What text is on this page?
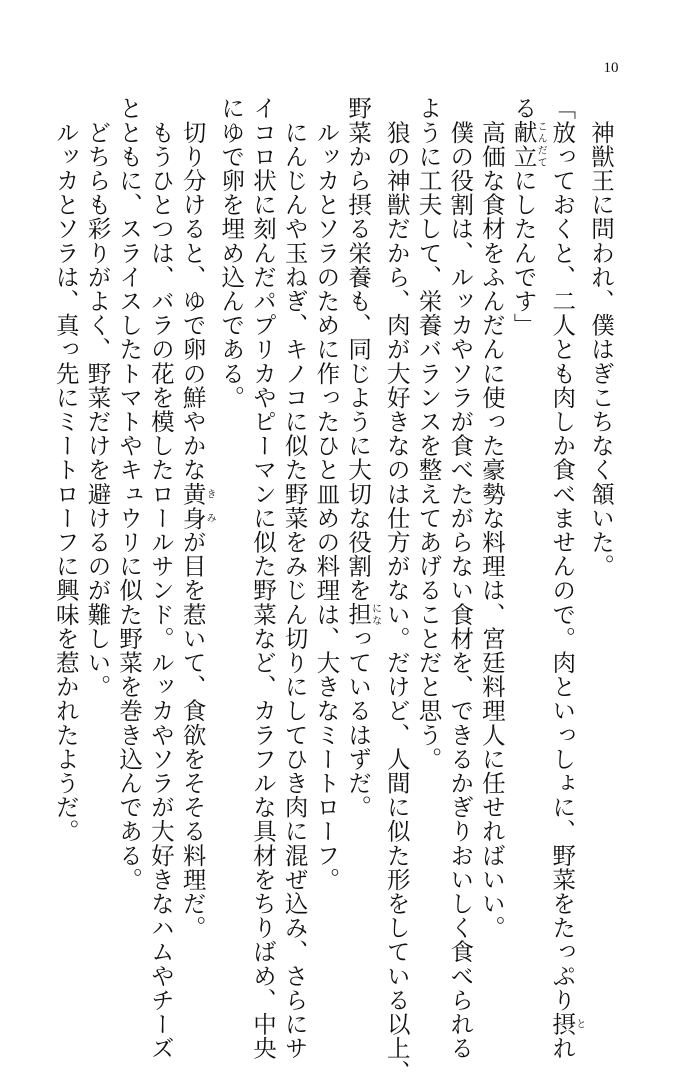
10
　神獣王に問われ、僕はぎこちなく頷いた。
「放っておくと、二人とも肉しか食べませんので。肉といっしょに、野菜をたっぷり摂とれ
る献立こんだてにしたんです」
　高価な食材をふんだんに使った豪勢な料理は、宮廷料理人に任せればいい。
　僕の役割は、ルッカやソラが食べたがらない食材を、できるかぎりおいしく食べられる
ように工夫して、栄養バランスを整えてあげることだと思う。
　狼の神獣だから、肉が大好きなのは仕方がない。だけど、人間に似た形をしている以上、
野菜から摂る栄養も、同じように大切な役割を担になっているはずだ。
　ルッカとソラのために作ったひと皿めの料理は、大きなミートローフ。
　にんじんや玉ねぎ、キノコに似た野菜をみじん切りにしてひき肉に混ぜ込み、さらにサ
イコロ状に刻んだパプリカやピーマンに似た野菜など、カラフルな具材をちりばめ、中央
にゆで卵を埋め込んである。
　切り分けると、ゆで卵の鮮やかな黄身きみが目を惹いて、食欲をそそる料理だ。
　もうひとつは、バラの花を模したロールサンド。ルッカやソラが大好きなハムやチーズ
とともに、スライスしたトマトやキュウリに似た野菜を巻き込んである。
　どちらも彩りがよく、野菜だけを避けるのが難しい。
　ルッカとソラは、真っ先にミートローフに興味を惹かれたようだ。
